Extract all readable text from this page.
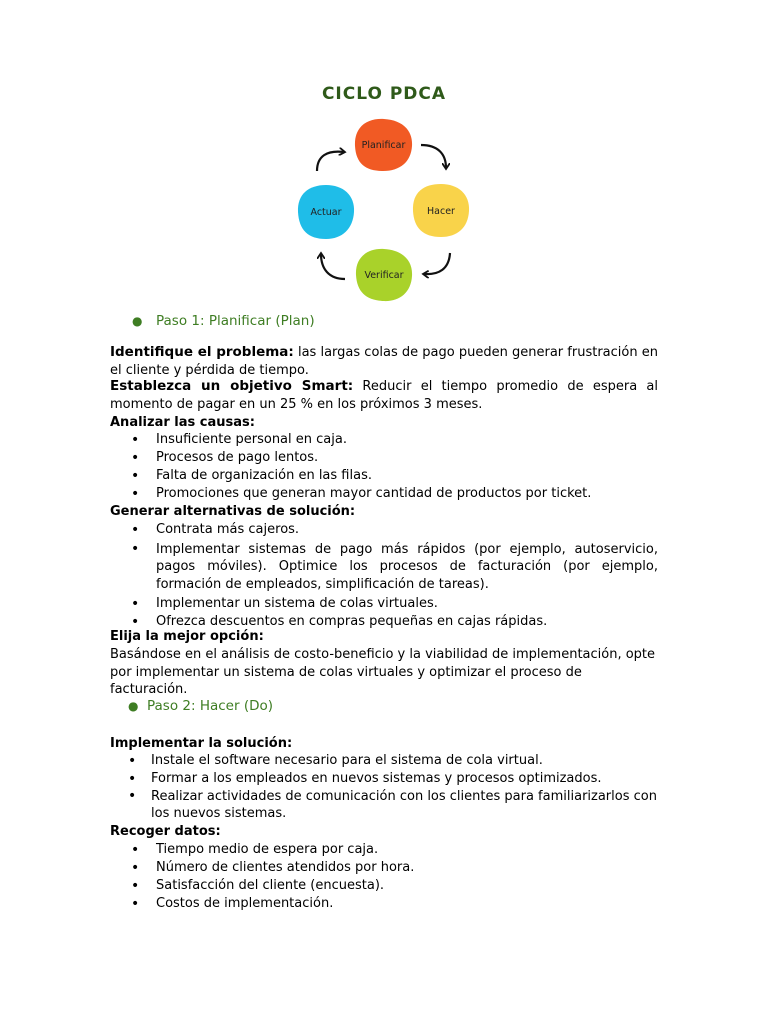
CICLO PDCA
Planificar
Hacer
Verificar
Actuar
● Paso 1: Planificar (Plan)
Identifique el problema: las largas colas de pago pueden generar frustración en el cliente y pérdida de tiempo.
Establezca un objetivo Smart: Reducir el tiempo promedio de espera al momento de pagar en un 25 % en los próximos 3 meses.
Analizar las causas:
• Insuficiente personal en caja.
• Procesos de pago lentos.
• Falta de organización en las filas.
• Promociones que generan mayor cantidad de productos por ticket.
Generar alternativas de solución:
• Contrata más cajeros.
• Implementar sistemas de pago más rápidos (por ejemplo, autoservicio, pagos móviles). Optimice los procesos de facturación (por ejemplo, formación de empleados, simplificación de tareas).
• Implementar un sistema de colas virtuales.
• Ofrezca descuentos en compras pequeñas en cajas rápidas.
Elija la mejor opción:
Basándose en el análisis de costo-beneficio y la viabilidad de implementación, opte por implementar un sistema de colas virtuales y optimizar el proceso de facturación.
● Paso 2: Hacer (Do)
Implementar la solución:
• Instale el software necesario para el sistema de cola virtual.
• Formar a los empleados en nuevos sistemas y procesos optimizados.
• Realizar actividades de comunicación con los clientes para familiarizarlos con los nuevos sistemas.
Recoger datos:
• Tiempo medio de espera por caja.
• Número de clientes atendidos por hora.
• Satisfacción del cliente (encuesta).
• Costos de implementación.
